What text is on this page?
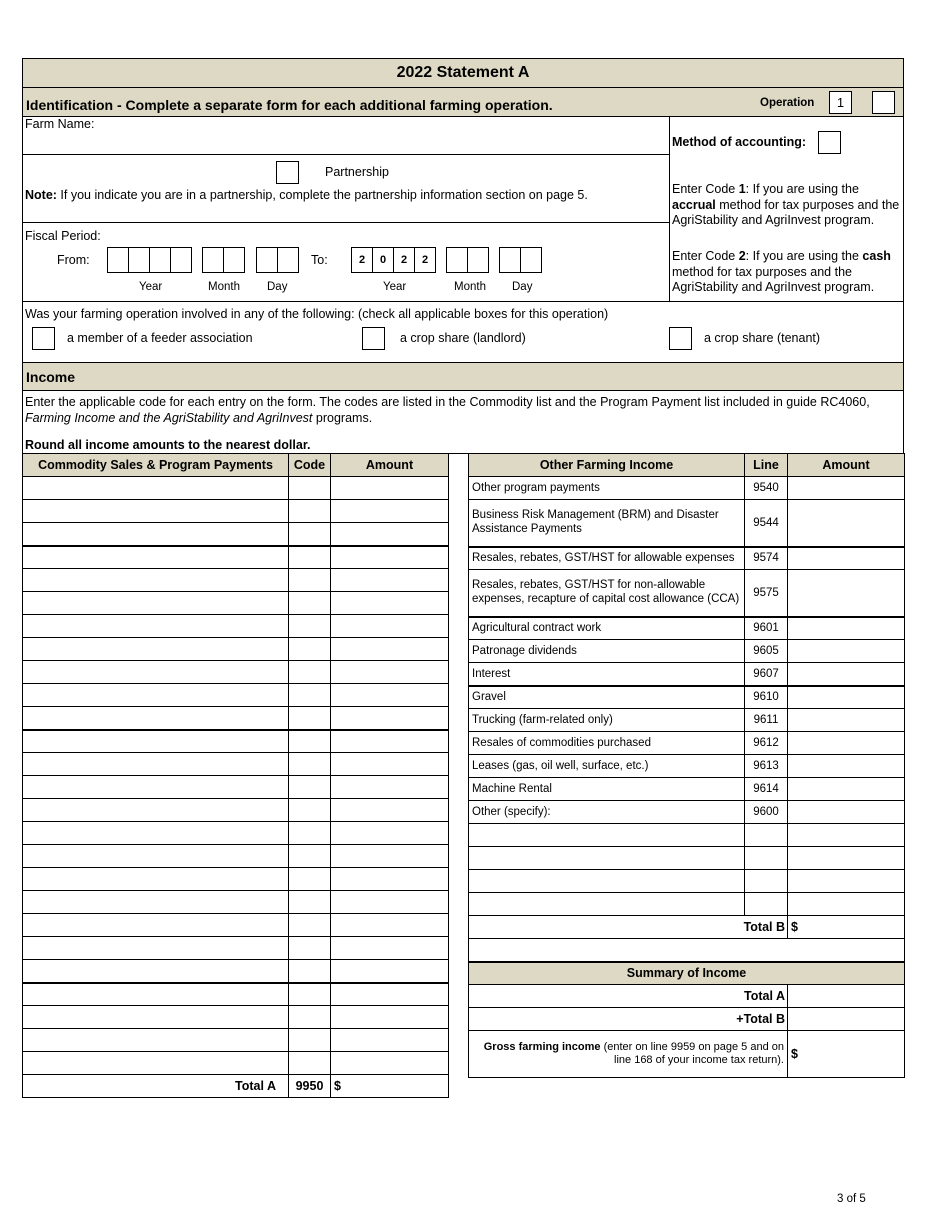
2022 Statement A
Identification - Complete a separate form for each additional farming operation.	Operation	1
Farm Name:
Partnership
Note: If you indicate you are in a partnership, complete the partnership information section on page 5.
Fiscal Period:
From:
Year	Month Day
To:	2	0	2	2
Year	Month Day
Method of accounting:
Enter Code 1: If you are using the accrual method for tax purposes and the AgriStability and AgriInvest program.
Enter Code 2: If you are using the cash method for tax purposes and the AgriStability and AgriInvest program.
Was your farming operation involved in any of the following: (check all applicable boxes for this operation)
a member of a feeder association	a crop share (landlord)	a crop share (tenant)
Income
Enter the applicable code for each entry on the form. The codes are listed in the Commodity list and the Program Payment list included in guide RC4060, Farming Income and the AgriStability and AgriInvest programs.
Round all income amounts to the nearest dollar.
Commodity Sales & Program Payments	Code	Amount

Total A	9950	$
Other Farming Income	Line	Amount
Other program payments	9540	
Business Risk Management (BRM) and Disaster Assistance Payments	9544	
Resales, rebates, GST/HST for allowable expenses	9574	
Resales, rebates, GST/HST for non-allowable expenses, recapture of capital cost allowance (CCA)	9575	
Agricultural contract work	9601	
Patronage dividends	9605	
Interest	9607	
Gravel	9610	
Trucking (farm-related only)	9611	
Resales of commodities purchased	9612	
Leases (gas, oil well, surface, etc.)	9613	
Machine Rental	9614	
Other (specify):	9600	

Total B		$

Summary of Income		
Total A		
+Total B		
Gross farming income (enter on line 9959 on page 5 and on line 168 of your income tax return).		$
3 of 5
